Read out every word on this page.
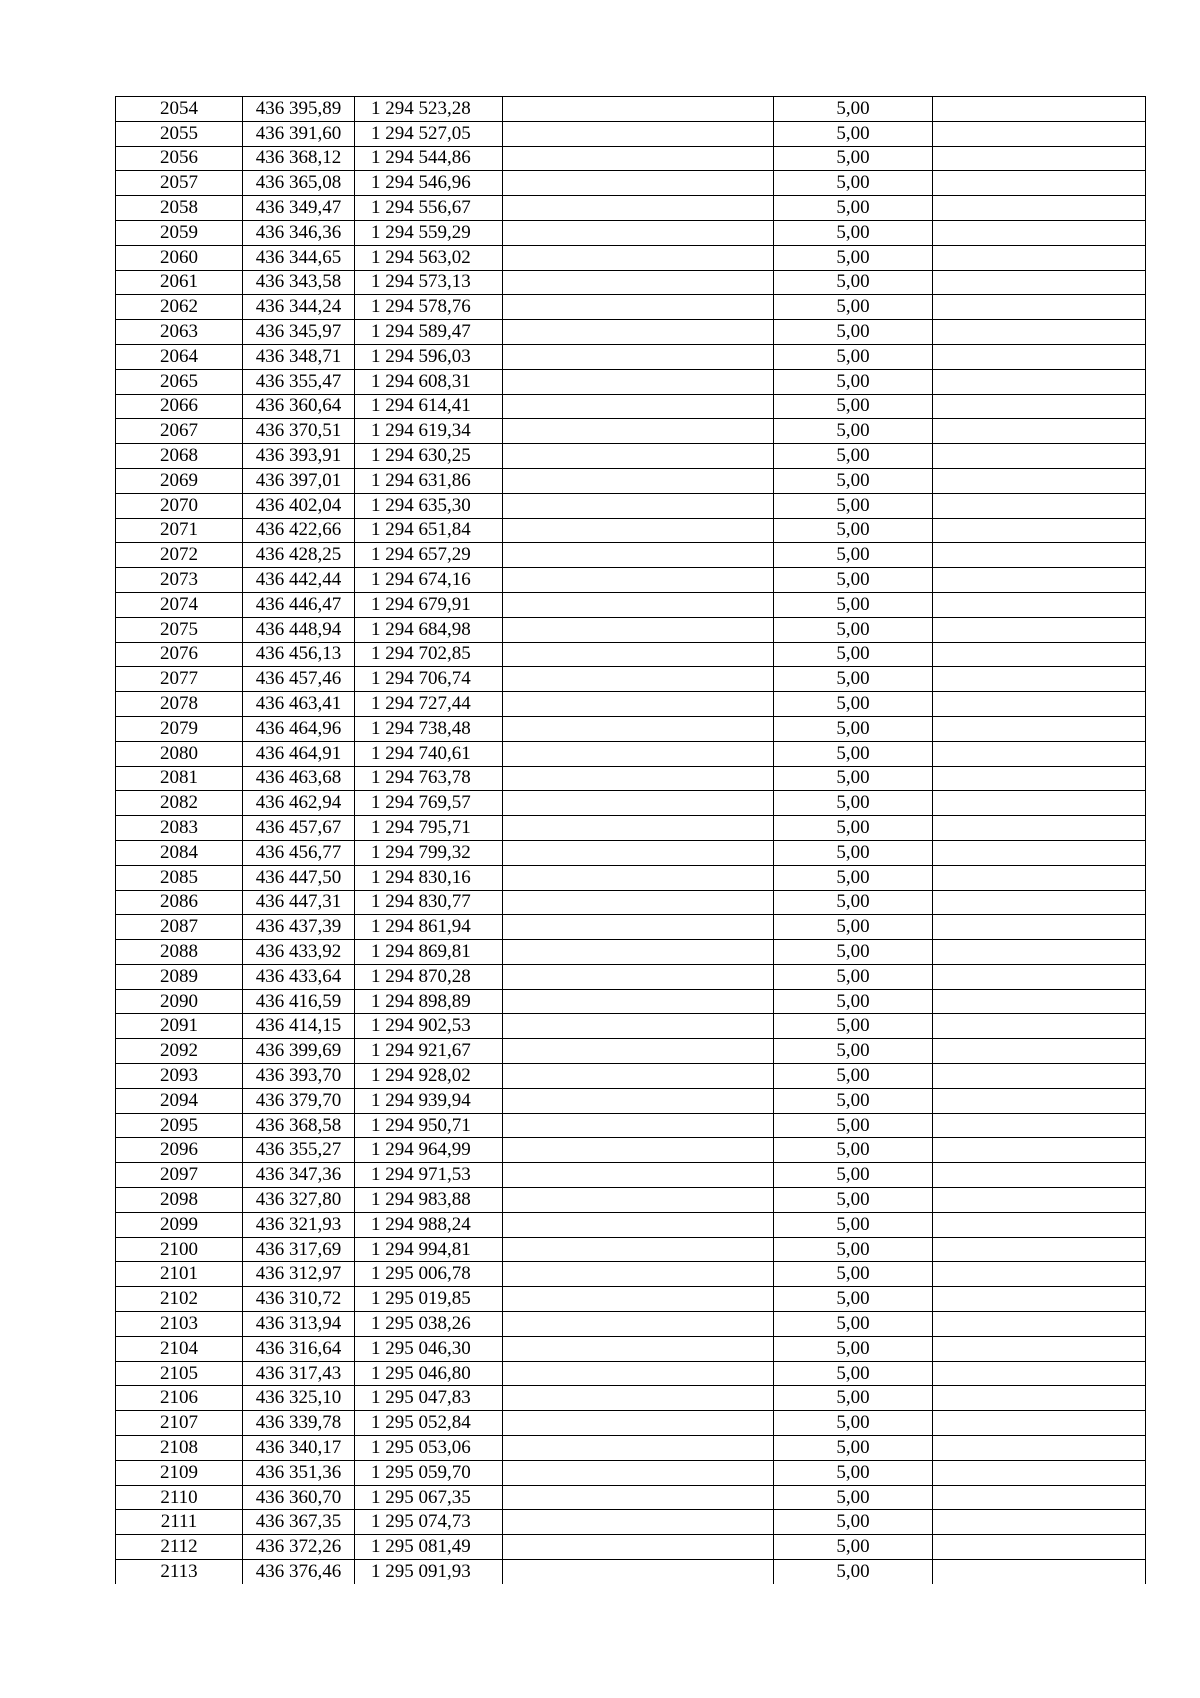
2054	436 395,89	1 294 523,28		5,00	
2055	436 391,60	1 294 527,05		5,00	
2056	436 368,12	1 294 544,86		5,00	
2057	436 365,08	1 294 546,96		5,00	
2058	436 349,47	1 294 556,67		5,00	
2059	436 346,36	1 294 559,29		5,00	
2060	436 344,65	1 294 563,02		5,00	
2061	436 343,58	1 294 573,13		5,00	
2062	436 344,24	1 294 578,76		5,00	
2063	436 345,97	1 294 589,47		5,00	
2064	436 348,71	1 294 596,03		5,00	
2065	436 355,47	1 294 608,31		5,00	
2066	436 360,64	1 294 614,41		5,00	
2067	436 370,51	1 294 619,34		5,00	
2068	436 393,91	1 294 630,25		5,00	
2069	436 397,01	1 294 631,86		5,00	
2070	436 402,04	1 294 635,30		5,00	
2071	436 422,66	1 294 651,84		5,00	
2072	436 428,25	1 294 657,29		5,00	
2073	436 442,44	1 294 674,16		5,00	
2074	436 446,47	1 294 679,91		5,00	
2075	436 448,94	1 294 684,98		5,00	
2076	436 456,13	1 294 702,85		5,00	
2077	436 457,46	1 294 706,74		5,00	
2078	436 463,41	1 294 727,44		5,00	
2079	436 464,96	1 294 738,48		5,00	
2080	436 464,91	1 294 740,61		5,00	
2081	436 463,68	1 294 763,78		5,00	
2082	436 462,94	1 294 769,57		5,00	
2083	436 457,67	1 294 795,71		5,00	
2084	436 456,77	1 294 799,32		5,00	
2085	436 447,50	1 294 830,16		5,00	
2086	436 447,31	1 294 830,77		5,00	
2087	436 437,39	1 294 861,94		5,00	
2088	436 433,92	1 294 869,81		5,00	
2089	436 433,64	1 294 870,28		5,00	
2090	436 416,59	1 294 898,89		5,00	
2091	436 414,15	1 294 902,53		5,00	
2092	436 399,69	1 294 921,67		5,00	
2093	436 393,70	1 294 928,02		5,00	
2094	436 379,70	1 294 939,94		5,00	
2095	436 368,58	1 294 950,71		5,00	
2096	436 355,27	1 294 964,99		5,00	
2097	436 347,36	1 294 971,53		5,00	
2098	436 327,80	1 294 983,88		5,00	
2099	436 321,93	1 294 988,24		5,00	
2100	436 317,69	1 294 994,81		5,00	
2101	436 312,97	1 295 006,78		5,00	
2102	436 310,72	1 295 019,85		5,00	
2103	436 313,94	1 295 038,26		5,00	
2104	436 316,64	1 295 046,30		5,00	
2105	436 317,43	1 295 046,80		5,00	
2106	436 325,10	1 295 047,83		5,00	
2107	436 339,78	1 295 052,84		5,00	
2108	436 340,17	1 295 053,06		5,00	
2109	436 351,36	1 295 059,70		5,00	
2110	436 360,70	1 295 067,35		5,00	
2111	436 367,35	1 295 074,73		5,00	
2112	436 372,26	1 295 081,49		5,00	
2113	436 376,46	1 295 091,93		5,00	
